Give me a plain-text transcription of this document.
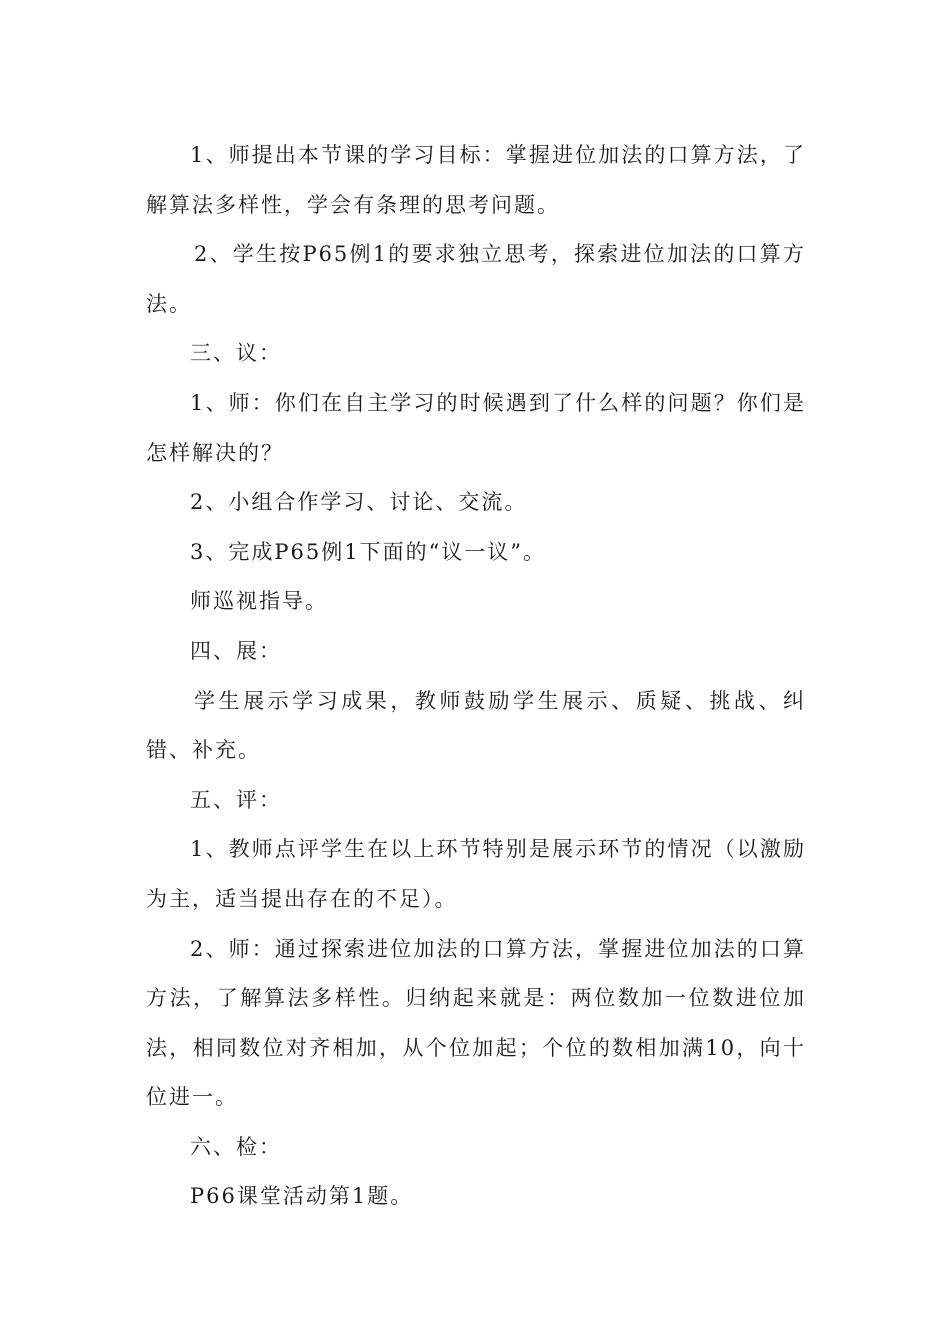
1、师提出本节课的学习目标：掌握进位加法的口算方法，了解算法多样性，学会有条理的思考问题。

2、学生按P65例1的要求独立思考，探索进位加法的口算方法。

三、议：

1、师：你们在自主学习的时候遇到了什么样的问题？你们是怎样解决的？

2、小组合作学习、讨论、交流。

3、完成P65例1下面的“议一议”。

师巡视指导。

四、展：

学生展示学习成果，教师鼓励学生展示、质疑、挑战、纠错、补充。

五、评：

1、教师点评学生在以上环节特别是展示环节的情况（以激励为主，适当提出存在的不足）。

2、师：通过探索进位加法的口算方法，掌握进位加法的口算方法，了解算法多样性。归纳起来就是：两位数加一位数进位加法，相同数位对齐相加，从个位加起；个位的数相加满10，向十位进一。

六、检：

P66课堂活动第1题。
